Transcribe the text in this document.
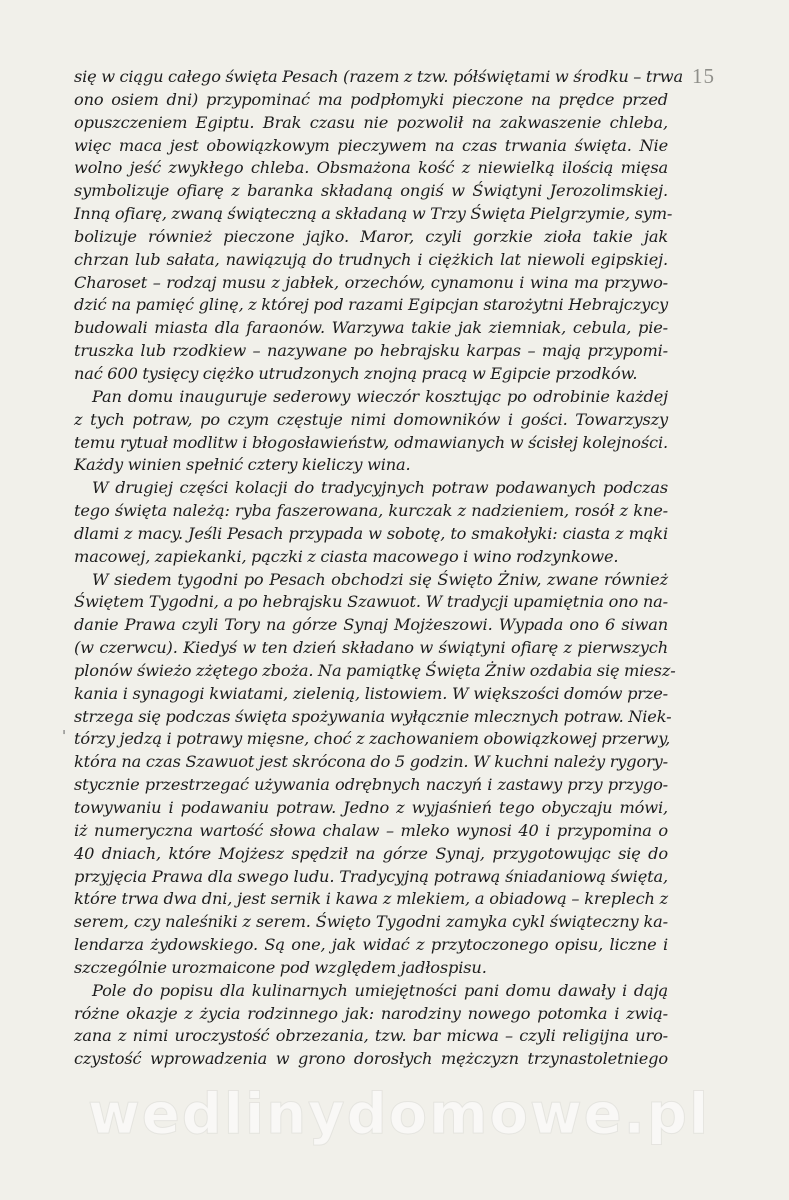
15
'
się w ciągu całego święta Pesach (razem z tzw. półświętami w środku – trwa
ono osiem dni) przypominać ma podpłomyki pieczone na prędce przed
opuszczeniem Egiptu. Brak czasu nie pozwolił na zakwaszenie chleba,
więc maca jest obowiązkowym pieczywem na czas trwania święta. Nie
wolno jeść zwykłego chleba. Obsmażona kość z niewielką ilością mięsa
symbolizuje ofiarę z baranka składaną ongiś w Świątyni Jerozolimskiej.
Inną ofiarę, zwaną świąteczną a składaną w Trzy Święta Pielgrzymie, sym-
bolizuje również pieczone jajko. Maror, czyli gorzkie zioła takie jak
chrzan lub sałata, nawiązują do trudnych i ciężkich lat niewoli egipskiej.
Charoset – rodzaj musu z jabłek, orzechów, cynamonu i wina ma przywo-
dzić na pamięć glinę, z której pod razami Egipcjan starożytni Hebrajczycy
budowali miasta dla faraonów. Warzywa takie jak ziemniak, cebula, pie-
truszka lub rzodkiew – nazywane po hebrajsku karpas – mają przypomi-
nać 600 tysięcy ciężko utrudzonych znojną pracą w Egipcie przodków.
Pan domu inauguruje sederowy wieczór kosztując po odrobinie każdej
z tych potraw, po czym częstuje nimi domowników i gości. Towarzyszy
temu rytuał modlitw i błogosławieństw, odmawianych w ścisłej kolejności.
Każdy winien spełnić cztery kieliczy wina.
W drugiej części kolacji do tradycyjnych potraw podawanych podczas
tego święta należą: ryba faszerowana, kurczak z nadzieniem, rosół z kne-
dlami z macy. Jeśli Pesach przypada w sobotę, to smakołyki: ciasta z mąki
macowej, zapiekanki, pączki z ciasta macowego i wino rodzynkowe.
W siedem tygodni po Pesach obchodzi się Święto Żniw, zwane również
Świętem Tygodni, a po hebrajsku Szawuot. W tradycji upamiętnia ono na-
danie Prawa czyli Tory na górze Synaj Mojżeszowi. Wypada ono 6 siwan
(w czerwcu). Kiedyś w ten dzień składano w świątyni ofiarę z pierwszych
plonów świeżo zżętego zboża. Na pamiątkę Święta Żniw ozdabia się miesz-
kania i synagogi kwiatami, zielenią, listowiem. W większości domów prze-
strzega się podczas święta spożywania wyłącznie mlecznych potraw. Niek-
tórzy jedzą i potrawy mięsne, choć z zachowaniem obowiązkowej przerwy,
która na czas Szawuot jest skrócona do 5 godzin. W kuchni należy rygory-
stycznie przestrzegać używania odrębnych naczyń i zastawy przy przygo-
towywaniu i podawaniu potraw. Jedno z wyjaśnień tego obyczaju mówi,
iż numeryczna wartość słowa chalaw – mleko wynosi 40 i przypomina o
40 dniach, które Mojżesz spędził na górze Synaj, przygotowując się do
przyjęcia Prawa dla swego ludu. Tradycyjną potrawą śniadaniową święta,
które trwa dwa dni, jest sernik i kawa z mlekiem, a obiadową – kreplech z
serem, czy naleśniki z serem. Święto Tygodni zamyka cykl świąteczny ka-
lendarza żydowskiego. Są one, jak widać z przytoczonego opisu, liczne i
szczególnie urozmaicone pod względem jadłospisu.
Pole do popisu dla kulinarnych umiejętności pani domu dawały i dają
różne okazje z życia rodzinnego jak: narodziny nowego potomka i zwią-
zana z nimi uroczystość obrzezania, tzw. bar micwa – czyli religijna uro-
czystość wprowadzenia w grono dorosłych mężczyzn trzynastoletniego
wedlinydomowe.pl
